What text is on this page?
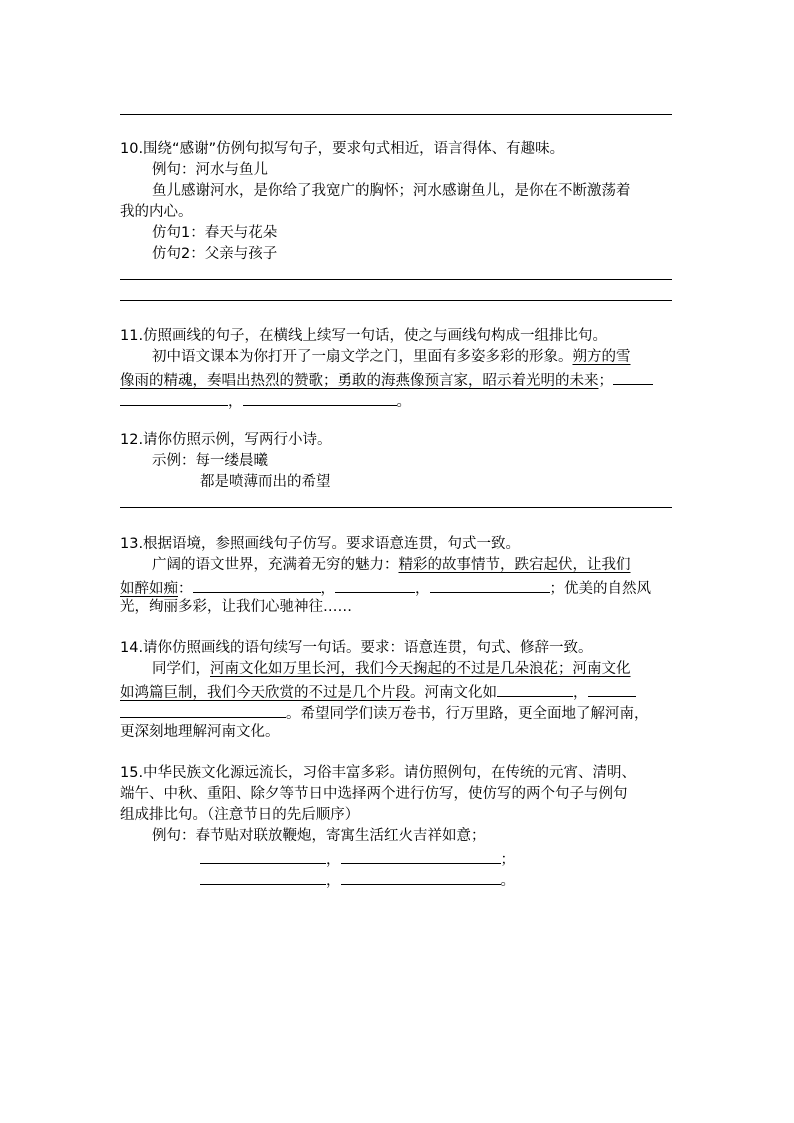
10.围绕“感谢”仿例句拟写句子，要求句式相近，语言得体、有趣味。
例句：河水与鱼儿
鱼儿感谢河水，是你给了我宽广的胸怀；河水感谢鱼儿，是你在不断激荡着
我的内心。
仿句1：春天与花朵
仿句2：父亲与孩子
11.仿照画线的句子，在横线上续写一句话，使之与画线句构成一组排比句。
初中语文课本为你打开了一扇文学之门，里面有多姿多彩的形象。朔方的雪
像雨的精魂，奏唱出热烈的赞歌；勇敢的海燕像预言家，昭示着光明的未来；
，	。
12.请你仿照示例，写两行小诗。
示例：每一缕晨曦
都是喷薄而出的希望
13.根据语境，参照画线句子仿写。要求语意连贯，句式一致。
广阔的语文世界，充满着无穷的魅力：精彩的故事情节，跌宕起伏，让我们
如醉如痴：	，	，	；优美的自然风
光，绚丽多彩，让我们心驰神往……
14.请你仿照画线的语句续写一句话。要求：语意连贯，句式、修辞一致。
同学们，河南文化如万里长河，我们今天掬起的不过是几朵浪花；河南文化
如鸿篇巨制，我们今天欣赏的不过是几个片段。河南文化如	，
。希望同学们读万卷书，行万里路，更全面地了解河南，
更深刻地理解河南文化。
15.中华民族文化源远流长，习俗丰富多彩。请仿照例句，在传统的元宵、清明、
端午、中秋、重阳、除夕等节日中选择两个进行仿写，使仿写的两个句子与例句
组成排比句。（注意节日的先后顺序）
例句：春节贴对联放鞭炮，寄寓生活红火吉祥如意；
，	；
，	。
